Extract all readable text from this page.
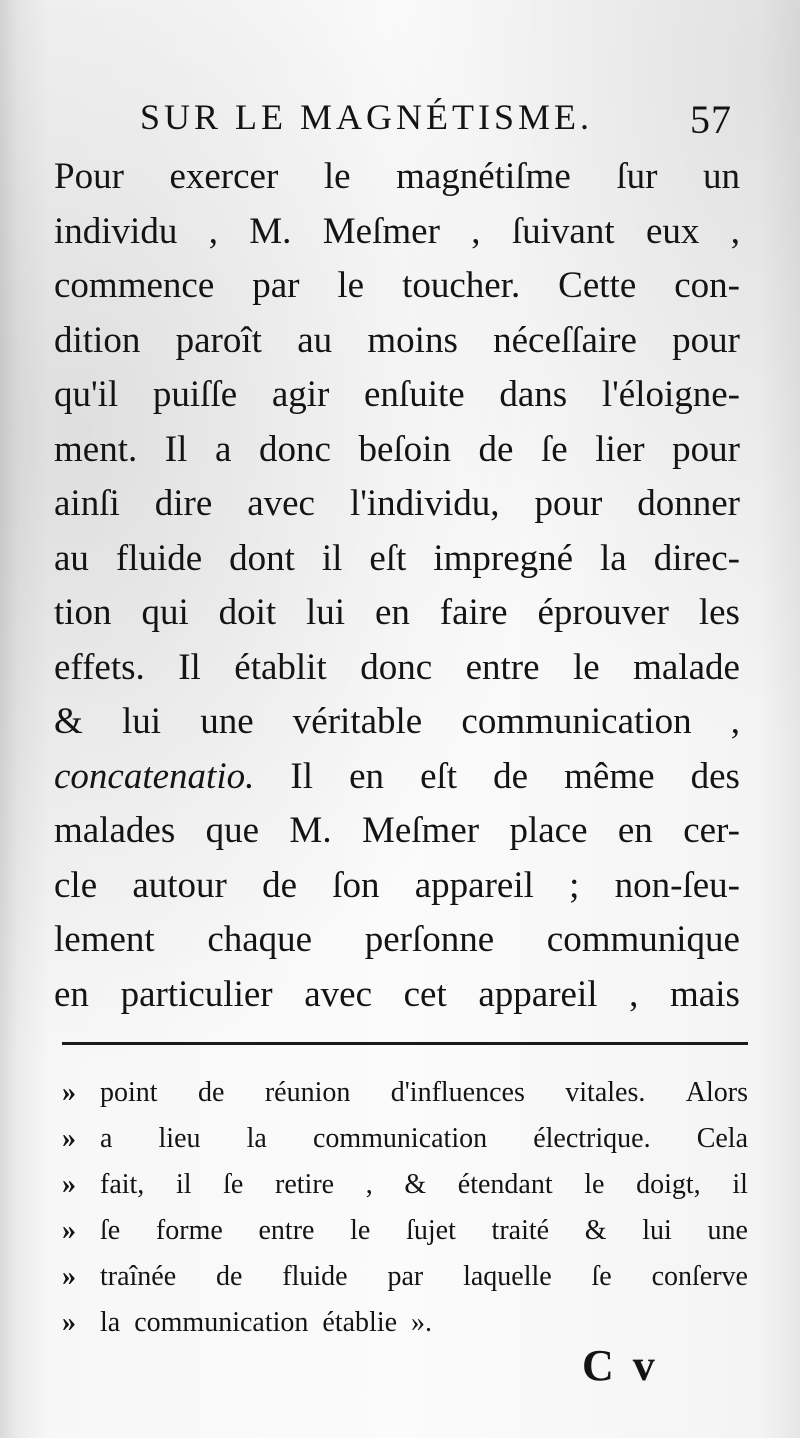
SUR LE MAGNÉTISME. 57
Pour exercer le magnétiſme ſur un
individu , M. Meſmer , ſuivant eux ,
commence par le toucher. Cette con-
dition paroît au moins néceſſaire pour
qu'il puiſſe agir enſuite dans l'éloigne-
ment. Il a donc beſoin de ſe lier pour
ainſi dire avec l'individu, pour donner
au fluide dont il eſt impregné la direc-
tion qui doit lui en faire éprouver les
effets. Il établit donc entre le malade
& lui une véritable communication ,
concatenatio. Il en eſt de même des
malades que M. Meſmer place en cer-
cle autour de ſon appareil ; non-ſeu-
lement chaque perſonne communique
en particulier avec cet appareil , mais
» point de réunion d'influences vitales. Alors
» a lieu la communication électrique. Cela
» fait, il ſe retire , & étendant le doigt, il
» ſe forme entre le ſujet traité & lui une
» traînée de fluide par laquelle ſe conſerve
» la communication établie ».
C v
